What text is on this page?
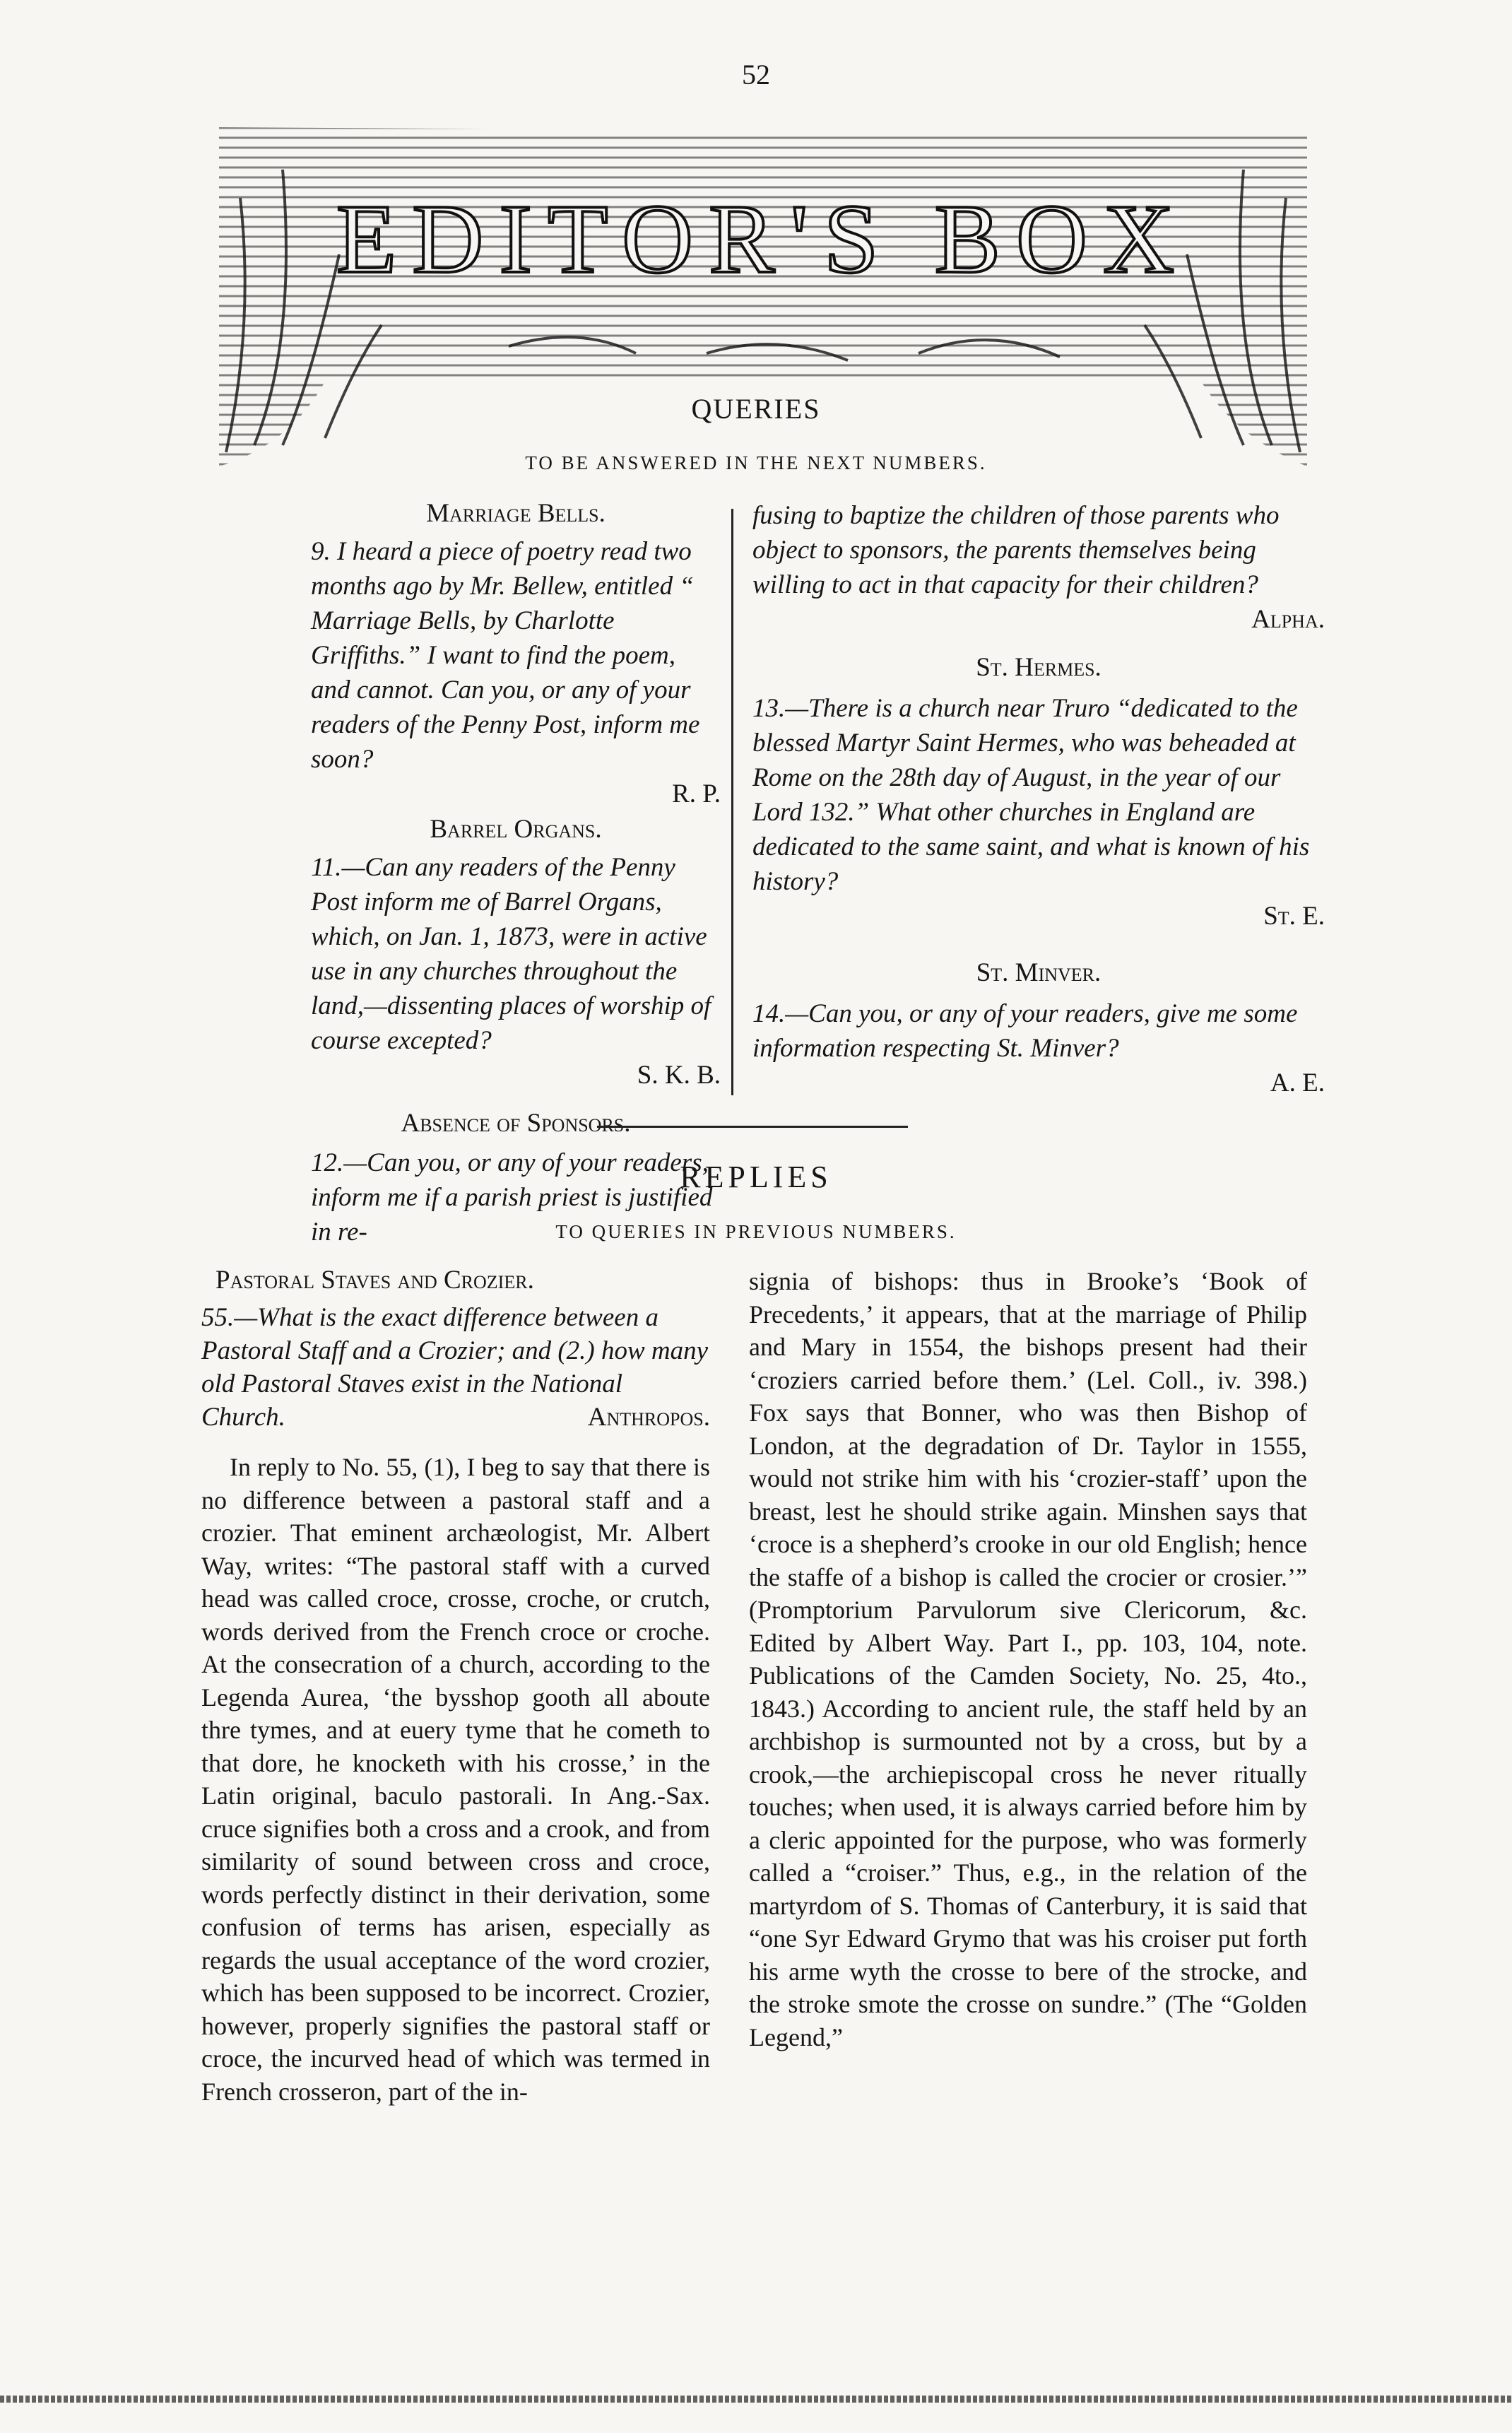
52
EDITOR'S BOX
QUERIES
TO BE ANSWERED IN THE NEXT NUMBERS.
Marriage Bells.

9. I heard a piece of poetry read two months ago by Mr. Bellew, entitled “ Marriage Bells, by Charlotte Griffiths.” I want to find the poem, and cannot. Can you, or any of your readers of the Penny Post, inform me soon?

R. P.

Barrel Organs.

11.—Can any readers of the Penny Post inform me of Barrel Organs, which, on Jan. 1, 1873, were in active use in any churches throughout the land,—dissenting places of worship of course excepted?

S. K. B.

Absence of Sponsors.

12.—Can you, or any of your readers, inform me if a parish priest is justified in re-

fusing to baptize the children of those parents who object to sponsors, the parents themselves being willing to act in that capacity for their children?

Alpha.

St. Hermes.

13.—There is a church near Truro “dedicated to the blessed Martyr Saint Hermes, who was beheaded at Rome on the 28th day of August, in the year of our Lord 132.” What other churches in England are dedicated to the same saint, and what is known of his history?

St. E.

St. Minver.

14.—Can you, or any of your readers, give me some information respecting St. Minver?

A. E.

REPLIES
TO QUERIES IN PREVIOUS NUMBERS.
Pastoral Staves and Crozier.

55.—What is the exact difference between a Pastoral Staff and a Crozier; and (2.) how many old Pastoral Staves exist in the National Church.	Anthropos.

In reply to No. 55, (1), I beg to say that there is no difference between a pastoral staff and a crozier. That eminent archæologist, Mr. Albert Way, writes: “The pastoral staff with a curved head was called croce, crosse, croche, or crutch, words derived from the French croce or croche. At the consecration of a church, according to the Legenda Aurea, ‘the bysshop gooth all aboute thre tymes, and at euery tyme that he cometh to that dore, he knocketh with his crosse,’ in the Latin original, baculo pastorali. In Ang.-Sax. cruce signifies both a cross and a crook, and from similarity of sound between cross and croce, words perfectly distinct in their derivation, some confusion of terms has arisen, especially as regards the usual acceptance of the word crozier, which has been supposed to be incorrect. Crozier, however, properly signifies the pastoral staff or croce, the incurved head of which was termed in French crosseron, part of the in-

signia of bishops: thus in Brooke’s ‘Book of Precedents,’ it appears, that at the marriage of Philip and Mary in 1554, the bishops present had their ‘croziers carried before them.’ (Lel. Coll., iv. 398.) Fox says that Bonner, who was then Bishop of London, at the degradation of Dr. Taylor in 1555, would not strike him with his ‘crozier-staff’ upon the breast, lest he should strike again. Minshen says that ‘croce is a shepherd’s crooke in our old English; hence the staffe of a bishop is called the crocier or crosier.’” (Promptorium Parvulorum sive Clericorum, &c. Edited by Albert Way. Part I., pp. 103, 104, note. Publications of the Camden Society, No. 25, 4to., 1843.) According to ancient rule, the staff held by an archbishop is surmounted not by a cross, but by a crook,—the archiepiscopal cross he never ritually touches; when used, it is always carried before him by a cleric appointed for the purpose, who was formerly called a “croiser.” Thus, e.g., in the relation of the martyrdom of S. Thomas of Canterbury, it is said that “one Syr Edward Grymo that was his croiser put forth his arme wyth the crosse to bere of the strocke, and the stroke smote the crosse on sundre.” (The “Golden Legend,”
